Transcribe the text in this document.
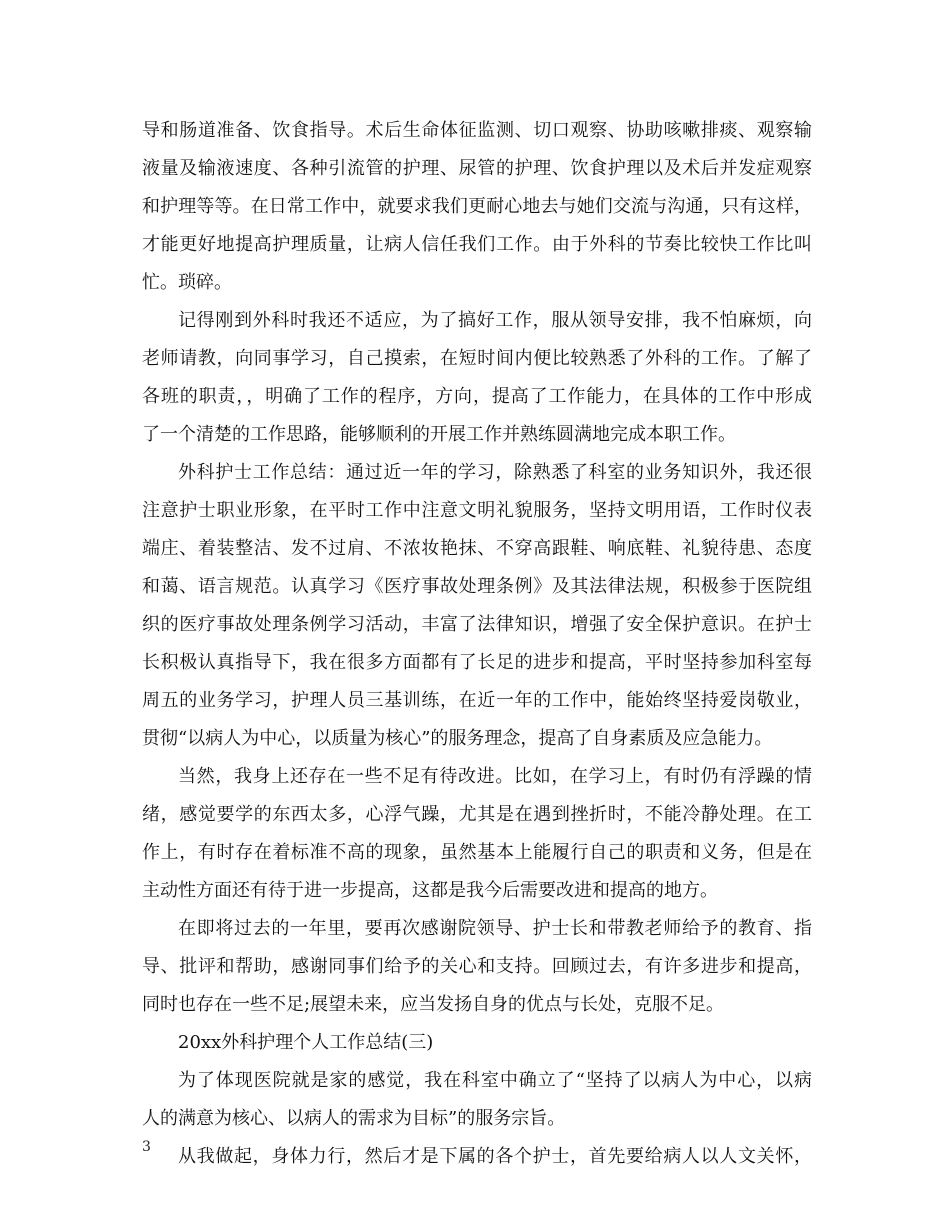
导和肠道准备、饮食指导。术后生命体征监测、切口观察、协助咳嗽排痰、观察输
液量及输液速度、各种引流管的护理、尿管的护理、饮食护理以及术后并发症观察
和护理等等。在日常工作中，就要求我们更耐心地去与她们交流与沟通，只有这样，
才能更好地提高护理质量，让病人信任我们工作。由于外科的节奏比较快工作比叫
忙。琐碎。
记得刚到外科时我还不适应，为了搞好工作，服从领导安排，我不怕麻烦，向
老师请教，向同事学习，自己摸索，在短时间内便比较熟悉了外科的工作。了解了
各班的职责，，明确了工作的程序，方向，提高了工作能力，在具体的工作中形成
了一个清楚的工作思路，能够顺利的开展工作并熟练圆满地完成本职工作。
外科护士工作总结：通过近一年的学习，除熟悉了科室的业务知识外，我还很
注意护士职业形象，在平时工作中注意文明礼貌服务，坚持文明用语，工作时仪表
端庄、着装整洁、发不过肩、不浓妆艳抹、不穿高跟鞋、响底鞋、礼貌待患、态度
和蔼、语言规范。认真学习《医疗事故处理条例》及其法律法规，积极参于医院组
织的医疗事故处理条例学习活动，丰富了法律知识，增强了安全保护意识。在护士
长积极认真指导下，我在很多方面都有了长足的进步和提高，平时坚持参加科室每
周五的业务学习，护理人员三基训练，在近一年的工作中，能始终坚持爱岗敬业，
贯彻“以病人为中心，以质量为核心”的服务理念，提高了自身素质及应急能力。
当然，我身上还存在一些不足有待改进。比如，在学习上，有时仍有浮躁的情
绪，感觉要学的东西太多，心浮气躁，尤其是在遇到挫折时，不能冷静处理。在工
作上，有时存在着标准不高的现象，虽然基本上能履行自己的职责和义务，但是在
主动性方面还有待于进一步提高，这都是我今后需要改进和提高的地方。
在即将过去的一年里，要再次感谢院领导、护士长和带教老师给予的教育、指
导、批评和帮助，感谢同事们给予的关心和支持。回顾过去，有许多进步和提高，
同时也存在一些不足;展望未来，应当发扬自身的优点与长处，克服不足。
20xx外科护理个人工作总结(三)
为了体现医院就是家的感觉，我在科室中确立了“坚持了以病人为中心，以病
人的满意为核心、以病人的需求为目标”的服务宗旨。
从我做起，身体力行，然后才是下属的各个护士，首先要给病人以人文关怀，
3
